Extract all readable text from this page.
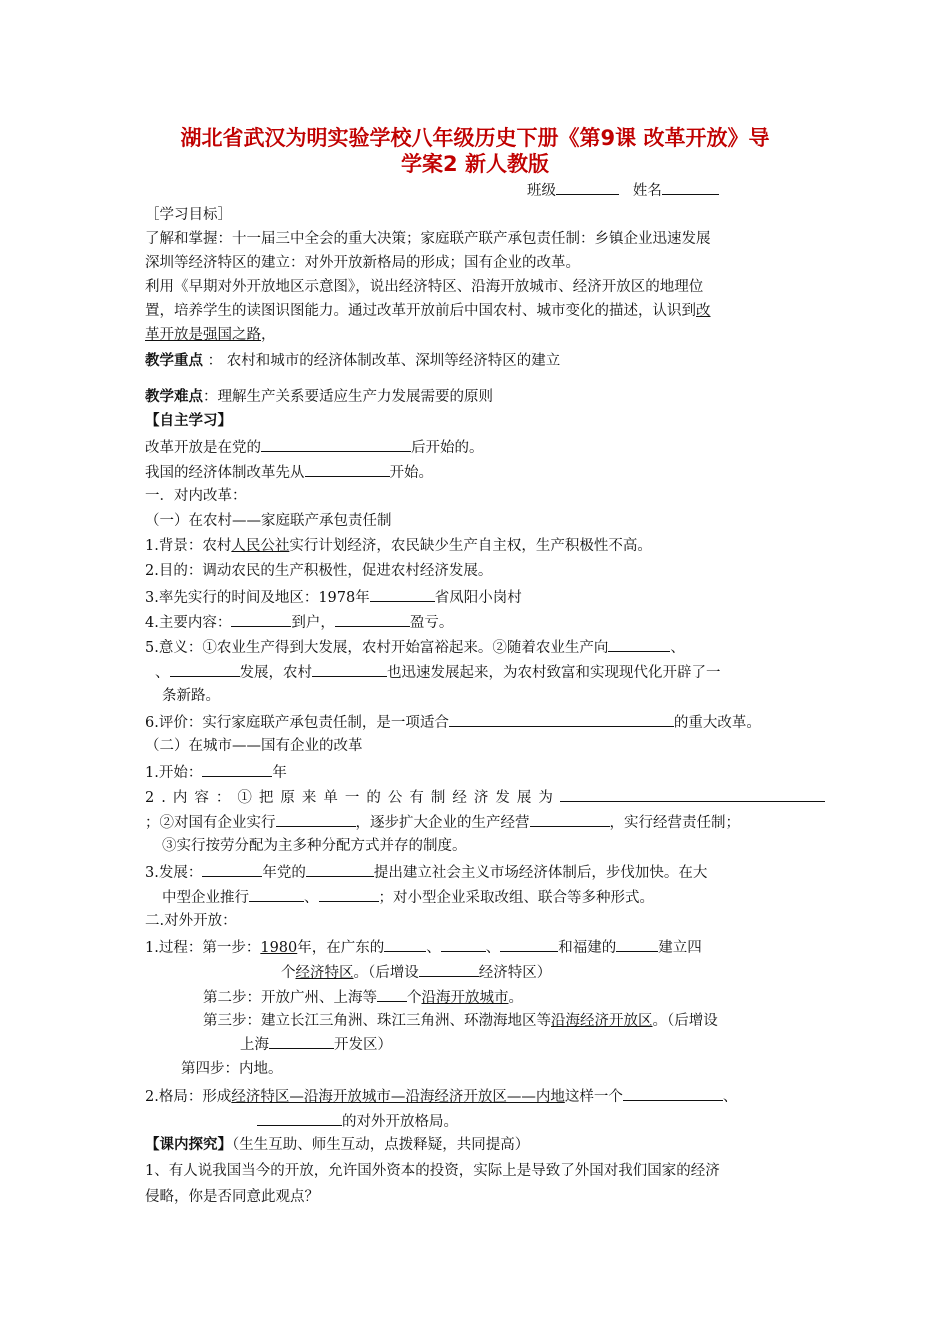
湖北省武汉为明实验学校八年级历史下册《第9课 改革开放》导
学案2 新人教版
班级	姓名
［学习目标］
了解和掌握：十一届三中全会的重大决策；家庭联产联产承包责任制：乡镇企业迅速发展
深圳等经济特区的建立：对外开放新格局的形成；国有企业的改革。
利用《早期对外开放地区示意图》，说出经济特区、沿海开放城市、经济开放区的地理位
置，培养学生的读图识图能力。通过改革开放前后中国农村、城市变化的描述，认识到改
革开放是强国之路，
教学重点 ： 农村和城市的经济体制改革、深圳等经济特区的建立
教学难点：理解生产关系要适应生产力发展需要的原则
【自主学习】
改革开放是在党的	后开始的。
我国的经济体制改革先从	开始。
一．对内改革：
（一）在农村——家庭联产承包责任制
1.背景：农村人民公社实行计划经济，农民缺少生产自主权，生产积极性不高。
2.目的：调动农民的生产积极性，促进农村经济发展。
3.率先实行的时间及地区：1978年	省凤阳小岗村
4.主要内容：	到户，	盈亏。
5.意义：①农业生产得到大发展，农村开始富裕起来。②随着农业生产向	、
、	发展，农村	也迅速发展起来，为农村致富和实现现代化开辟了一
条新路。
6.评价：实行家庭联产承包责任制，是一项适合	的重大改革。
（二）在城市——国有企业的改革
1.开始：	年
2.内容：①把原来单一的公有制经济发展为
；②对国有企业实行	，逐步扩大企业的生产经营	，实行经营责任制；
③实行按劳分配为主多种分配方式并存的制度。
3.发展：	年党的	提出建立社会主义市场经济体制后，步伐加快。在大
中型企业推行	、	；对小型企业采取改组、联合等多种形式。
二.对外开放：
1.过程：第一步：1980年，在广东的	、	、	和福建的	建立四
个经济特区。（后增设	经济特区）
第二步：开放广州、上海等 个沿海开放城市。
第三步：建立长江三角洲、珠江三角洲、环渤海地区等沿海经济开放区。（后增设
上海	开发区）
第四步：内地。
2.格局：形成经济特区—沿海开放城市—沿海经济开放区——内地这样一个	、
的对外开放格局。
【课内探究】（生生互助、师生互动，点拨释疑，共同提高）
1、有人说我国当今的开放，允许国外资本的投资，实际上是导致了外国对我们国家的经济
侵略，你是否同意此观点？
